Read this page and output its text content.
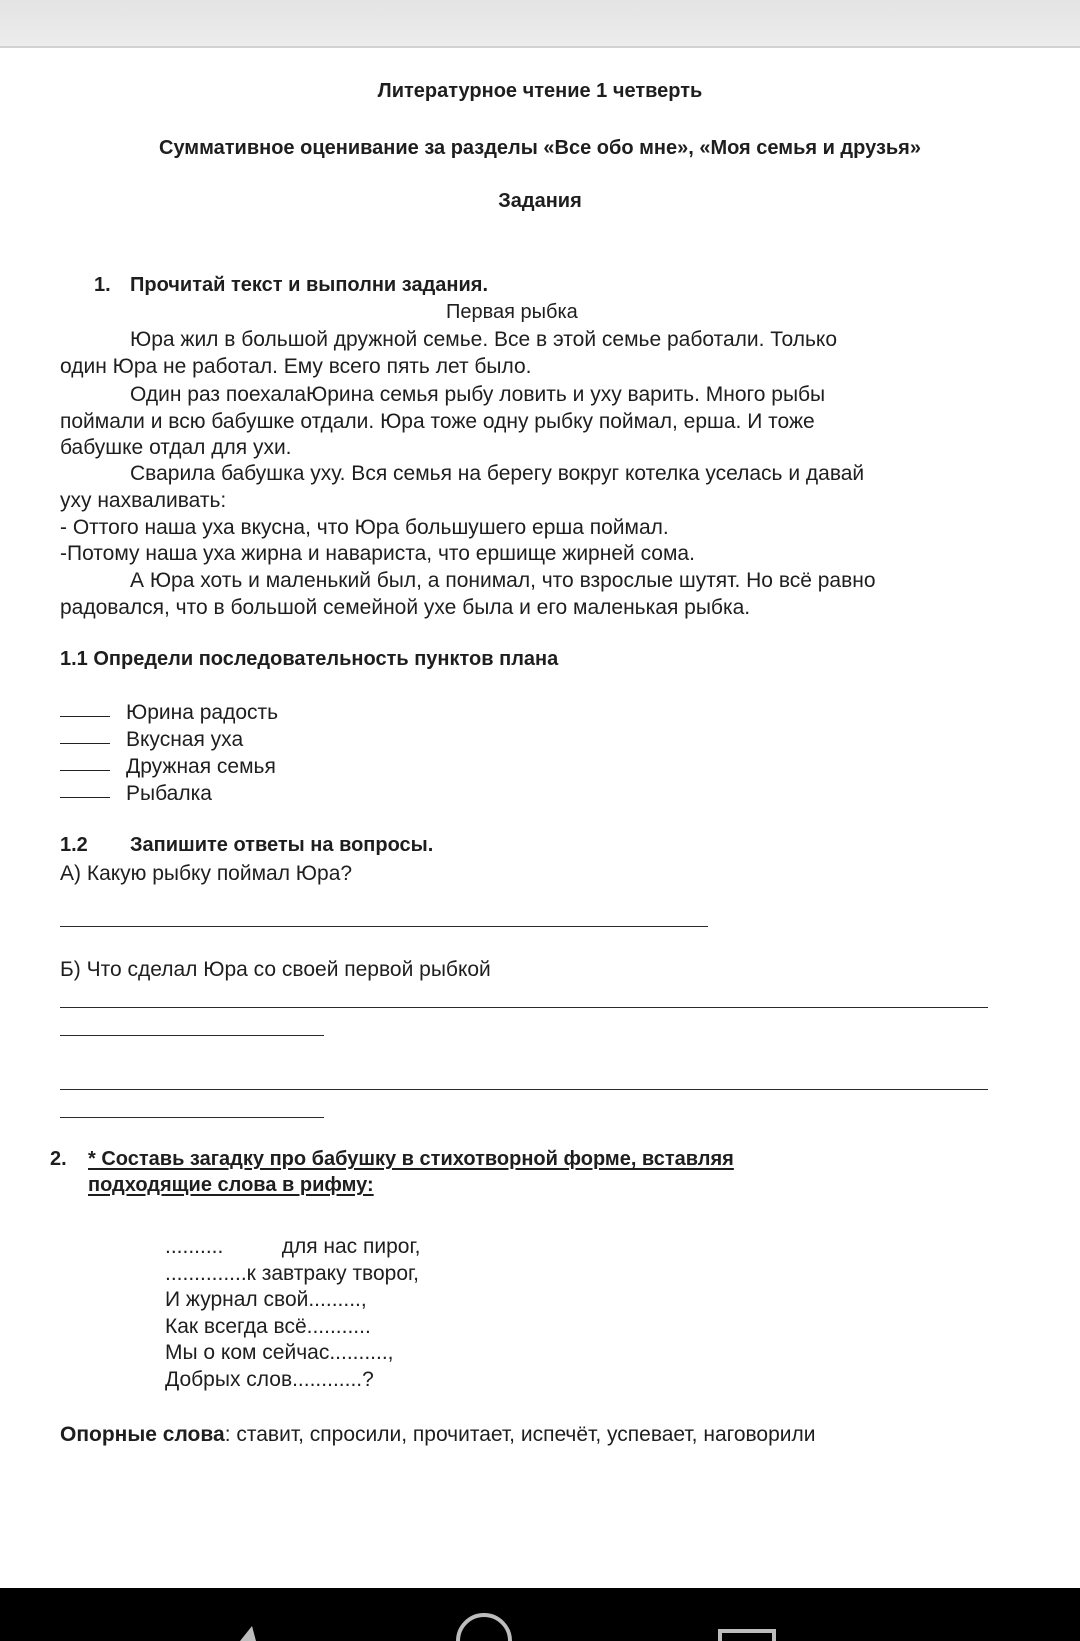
Литературное чтение 1 четверть
Суммативное оценивание за разделы «Все обо мне», «Моя семья и друзья»
Задания
1. Прочитай текст и выполни задания.
Первая рыбка
Юра жил в большой дружной семье. Все в этой семье работали. Только
один Юра не работал. Ему всего пять лет было.
Один раз поехалаЮрина семья рыбу ловить и уху варить. Много рыбы
поймали и всю бабушке отдали. Юра тоже одну рыбку поймал, ерша. И тоже
бабушке отдал для ухи.
Сварила бабушка уху. Вся семья на берегу вокруг котелка уселась и давай
уху нахваливать:
- Оттого наша уха вкусна, что Юра большушего ерша поймал.
-Потому наша уха жирна и навариста, что ершище жирней сома.
А Юра хоть и маленький был, а понимал, что взрослые шутят. Но всё равно
радовался, что в большой семейной ухе была и его маленькая рыбка.
1.1 Определи последовательность пунктов плана
Юрина радость
Вкусная уха
Дружная семья
Рыбалка
1.2 Запишите ответы на вопросы.
А) Какую рыбку поймал Юра?
Б) Что сделал Юра со своей первой рыбкой
2. * Составь загадку про бабушку в стихотворной форме, вставляя
подходящие слова в рифму:
..........          для нас пирог,
..............к завтраку творог,
И журнал свой.........,
Как всегда всё...........
Мы о ком сейчас..........,
Добрых слов............?
Опорные слова: ставит, спросили, прочитает, испечёт, успевает, наговорили
